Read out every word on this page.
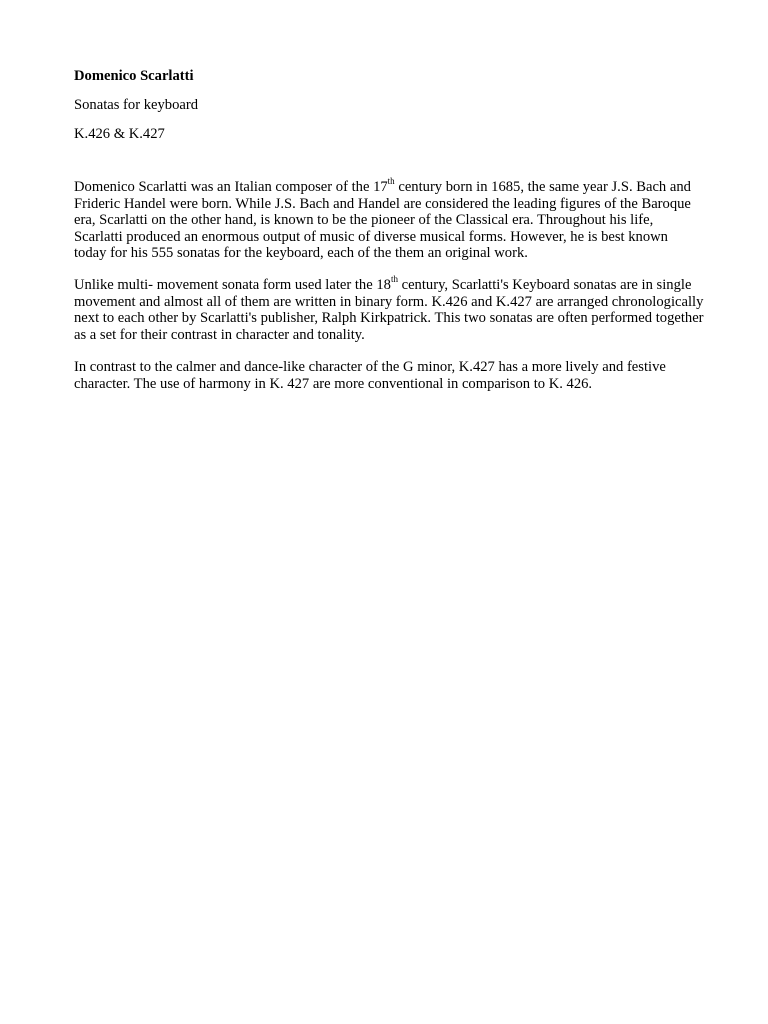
Domenico Scarlatti

Sonatas for keyboard

K.426 & K.427

Domenico Scarlatti was an Italian composer of the 17th century born in 1685, the same year J.S. Bach and Frideric Handel were born. While J.S. Bach and Handel are considered the leading figures of the Baroque era, Scarlatti on the other hand, is known to be the pioneer of the Classical era. Throughout his life, Scarlatti produced an enormous output of music of diverse musical forms. However, he is best known today for his 555 sonatas for the keyboard, each of the them an original work.

Unlike multi- movement sonata form used later the 18th century, Scarlatti's Keyboard sonatas are in single movement and almost all of them are written in binary form. K.426 and K.427 are arranged chronologically next to each other by Scarlatti's publisher, Ralph Kirkpatrick. This two sonatas are often performed together as a set for their contrast in character and tonality.

In contrast to the calmer and dance-like character of the G minor, K.427 has a more lively and festive character. The use of harmony in K. 427 are more conventional in comparison to K. 426.
